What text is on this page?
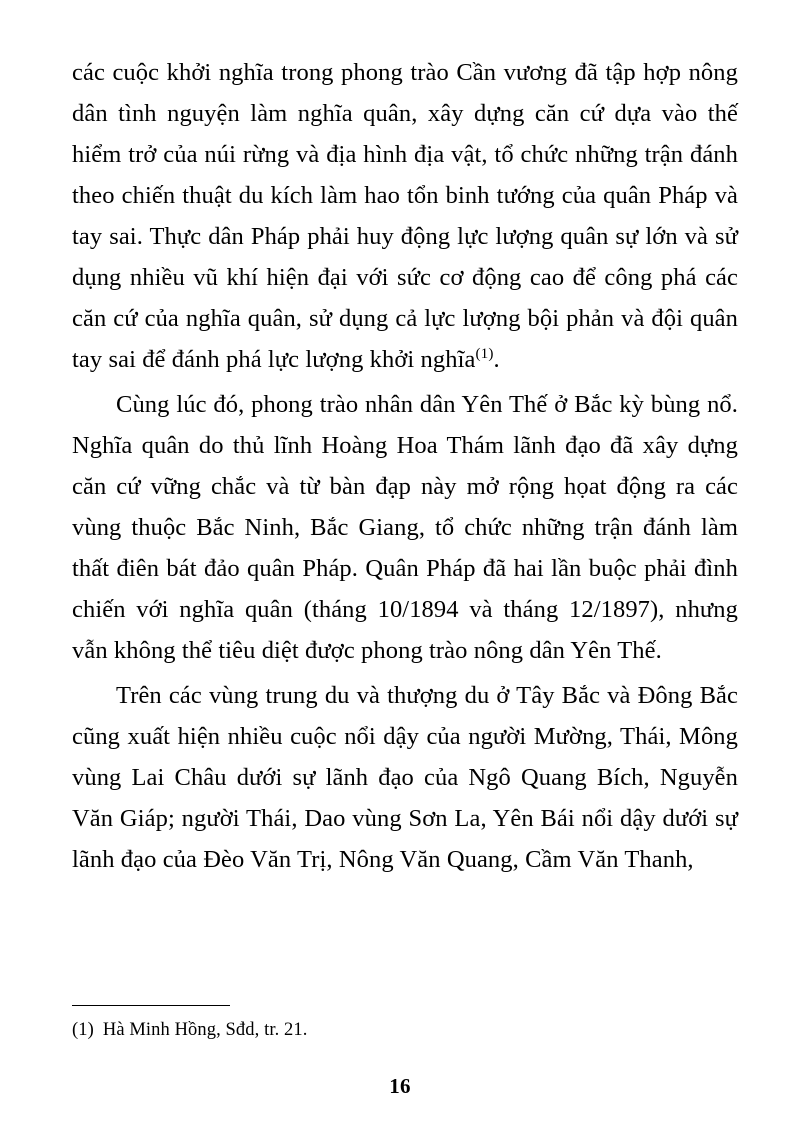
các cuộc khởi nghĩa trong phong trào Cần vương đã tập hợp nông dân tình nguyện làm nghĩa quân, xây dựng căn cứ dựa vào thế hiểm trở của núi rừng và địa hình địa vật, tổ chức những trận đánh theo chiến thuật du kích làm hao tổn binh tướng của quân Pháp và tay sai. Thực dân Pháp phải huy động lực lượng quân sự lớn và sử dụng nhiều vũ khí hiện đại với sức cơ động cao để công phá các căn cứ của nghĩa quân, sử dụng cả lực lượng bội phản và đội quân tay sai để đánh phá lực lượng khởi nghĩa$^{(1)}$.

Cùng lúc đó, phong trào nhân dân Yên Thế ở Bắc kỳ bùng nổ. Nghĩa quân do thủ lĩnh Hoàng Hoa Thám lãnh đạo đã xây dựng căn cứ vững chắc và từ bàn đạp này mở rộng họat động ra các vùng thuộc Bắc Ninh, Bắc Giang, tổ chức những trận đánh làm thất điên bát đảo quân Pháp. Quân Pháp đã hai lần buộc phải đình chiến với nghĩa quân (tháng 10/1894 và tháng 12/1897), nhưng vẫn không thể tiêu diệt được phong trào nông dân Yên Thế.

Trên các vùng trung du và thượng du ở Tây Bắc và Đông Bắc cũng xuất hiện nhiều cuộc nổi dậy của người Mường, Thái, Mông vùng Lai Châu dưới sự lãnh đạo của Ngô Quang Bích, Nguyễn Văn Giáp; người Thái, Dao vùng Sơn La, Yên Bái nổi dậy dưới sự lãnh đạo của Đèo Văn Trị, Nông Văn Quang, Cầm Văn Thanh,

(1) Hà Minh Hồng, Sđd, tr. 21.

16
